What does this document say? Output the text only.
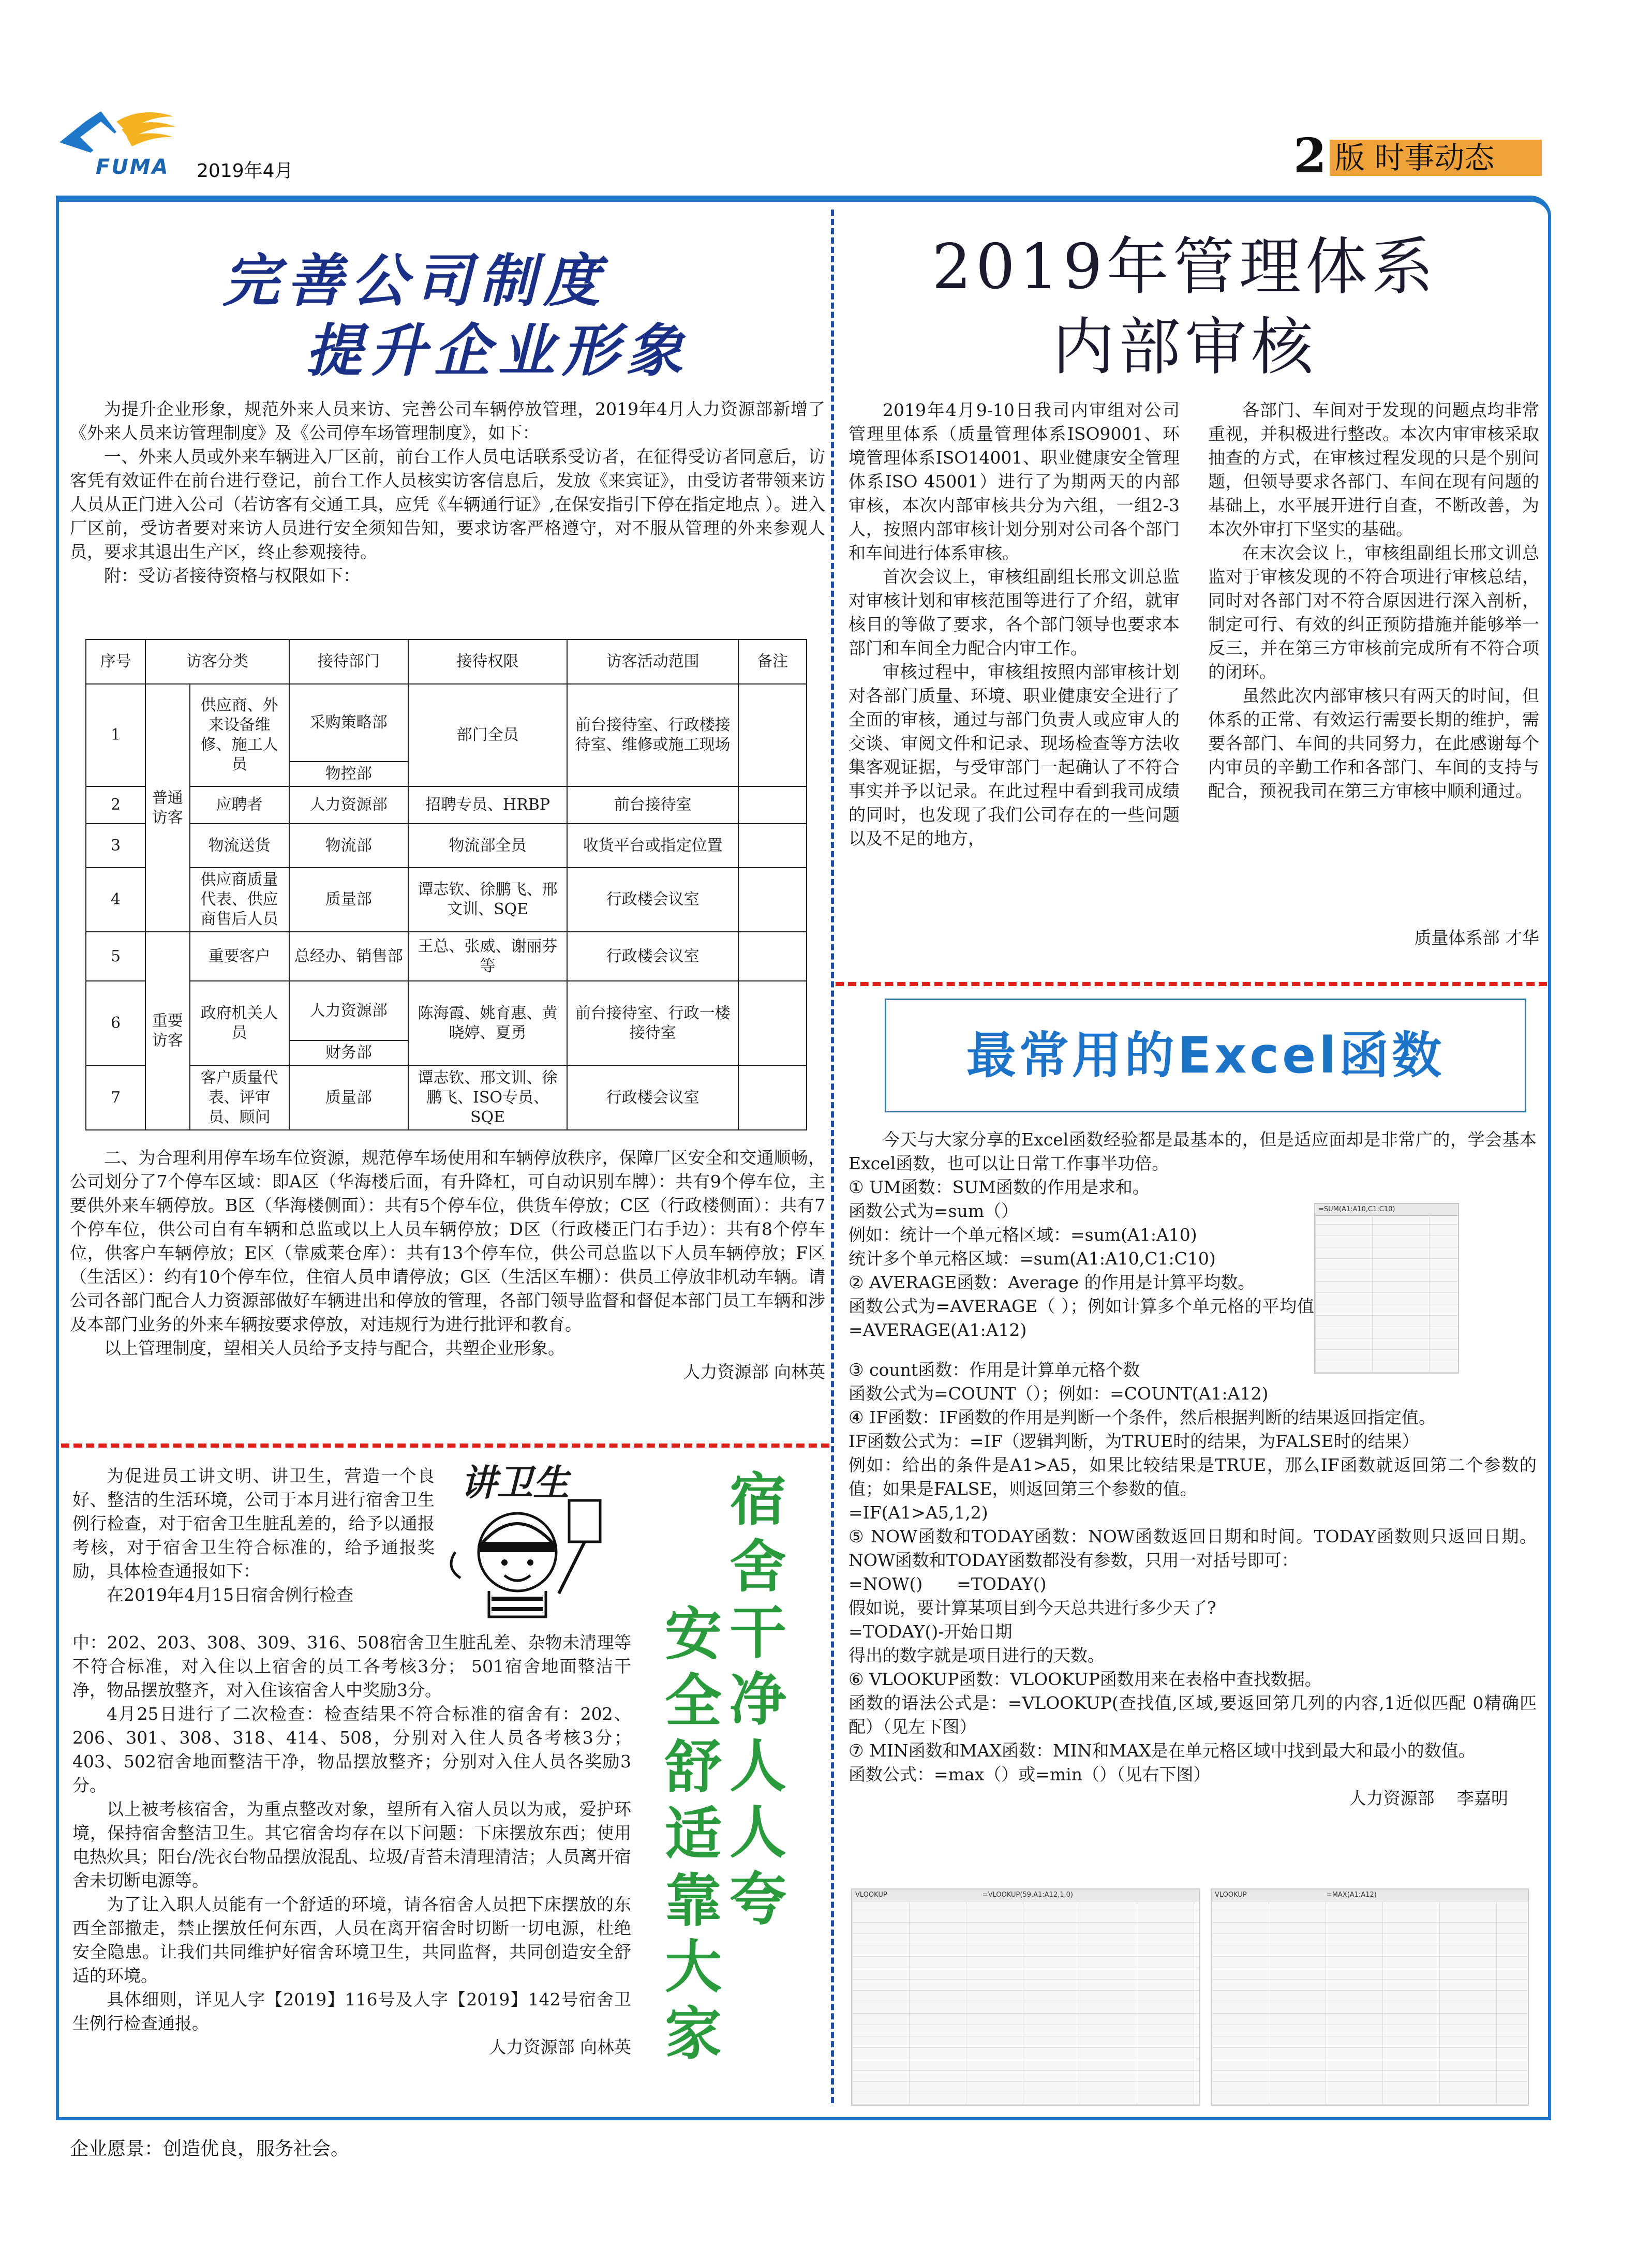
FUMA 2019年4月	2 版 时事动态
完善公司制度
提升企业形象

为提升企业形象，规范外来人员来访、完善公司车辆停放管理，2019年4月人力资源部新增了《外来人员来访管理制度》及《公司停车场管理制度》，如下：

一、外来人员或外来车辆进入厂区前，前台工作人员电话联系受访者，在征得受访者同意后，访客凭有效证件在前台进行登记，前台工作人员核实访客信息后，发放《来宾证》，由受访者带领来访人员从正门进入公司（若访客有交通工具，应凭《车辆通行证》,在保安指引下停在指定地点 ）。进入厂区前，受访者要对来访人员进行安全须知告知，要求访客严格遵守，对不服从管理的外来参观人员，要求其退出生产区，终止参观接待。

附：受访者接待资格与权限如下：

序号	访客分类		接待部门	接待权限	访客活动范围	备注
1	普通访客	供应商、外来设备维修、施工人员	采购策略部	部门全员	前台接待室、行政楼接待室、维修或施工现场	
			物控部			
2		应聘者	人力资源部	招聘专员、HRBP	前台接待室	
3		物流送货	物流部	物流部全员	收货平台或指定位置	
4		供应商质量代表、供应商售后人员	质量部	谭志钦、徐鹏飞、邢文训、SQE	行政楼会议室	
5	重要访客	重要客户	总经办、销售部	王总、张威、谢丽芬等	行政楼会议室	
6		政府机关人员	人力资源部	陈海霞、姚育惠、黄晓婷、夏勇	前台接待室、行政一楼接待室	
			财务部			
7		客户质量代表、评审员、顾问	质量部	谭志钦、邢文训、徐鹏飞、ISO专员、SQE	行政楼会议室	

二、为合理利用停车场车位资源，规范停车场使用和车辆停放秩序，保障厂区安全和交通顺畅， 公司划分了7个停车区域：即A区（华海楼后面，有升降杠，可自动识别车牌）：共有9个停车位，主要供外来车辆停放。B区（华海楼侧面）：共有5个停车位，供货车停放；C区（行政楼侧面）：共有7个停车位，供公司自有车辆和总监或以上人员车辆停放；D区（行政楼正门右手边）：共有8个停车位，供客户车辆停放；E区（靠威莱仓库）：共有13个停车位，供公司总监以下人员车辆停放；F区（生活区）：约有10个停车位，住宿人员申请停放；G区（生活区车棚）：供员工停放非机动车辆。请公司各部门配合人力资源部做好车辆进出和停放的管理，各部门领导监督和督促本部门员工车辆和涉及本部门业务的外来车辆按要求停放，对违规行为进行批评和教育。

以上管理制度，望相关人员给予支持与配合，共塑企业形象。

人力资源部 向林英
2019年管理体系
内部审核

2019年4月9-10日我司内审组对公司管理里体系（质量管理体系ISO9001、环境管理体系ISO14001、职业健康安全管理体系ISO 45001）进行了为期两天的内部审核，本次内部审核共分为六组，一组2-3人，按照内部审核计划分别对公司各个部门和车间进行体系审核。

首次会议上，审核组副组长邢文训总监对审核计划和审核范围等进行了介绍，就审核目的等做了要求，各个部门领导也要求本部门和车间全力配合内审工作。

审核过程中，审核组按照内部审核计划对各部门质量、环境、职业健康安全进行了全面的审核，通过与部门负责人或应审人的交谈、审阅文件和记录、现场检查等方法收集客观证据，与受审部门一起确认了不符合事实并予以记录。在此过程中看到我司成绩的同时，也发现了我们公司存在的一些问题以及不足的地方，

各部门、车间对于发现的问题点均非常重视，并积极进行整改。本次内审审核采取抽查的方式，在审核过程发现的只是个别问题，但领导要求各部门、车间在现有问题的基础上，水平展开进行自查，不断改善，为本次外审打下坚实的基础。

在末次会议上，审核组副组长邢文训总监对于审核发现的不符合项进行审核总结，同时对各部门对不符合原因进行深入剖析，制定可行、有效的纠正预防措施并能够举一反三，并在第三方审核前完成所有不符合项的闭环。

虽然此次内部审核只有两天的时间，但体系的正常、有效运行需要长期的维护，需要各部门、车间的共同努力，在此感谢每个内审员的辛勤工作和各部门、车间的支持与配合，预祝我司在第三方审核中顺利通过。

质量体系部 才华
讲卫生	宿舍干净人人夸
安全舒适靠大家

为促进员工讲文明、讲卫生，营造一个良好、整洁的生活环境，公司于本月进行宿舍卫生例行检查，对于宿舍卫生脏乱差的，给予以通报考核，对于宿舍卫生符合标准的，给予通报奖励，具体检查通报如下：

在2019年4月15日宿舍例行检查

中：202、203、308、309、316、508宿舍卫生脏乱差、杂物未清理等不符合标准，对入住以上宿舍的员工各考核3分； 501宿舍地面整洁干净，物品摆放整齐，对入住该宿舍人中奖励3分。

4月25日进行了二次检查：检查结果不符合标准的宿舍有：202、206、301、308、318、414、508，分别对入住人员各考核3分；403、502宿舍地面整洁干净，物品摆放整齐；分别对入住人员各奖励3分。

以上被考核宿舍，为重点整改对象，望所有入宿人员以为戒，爱护环境，保持宿舍整洁卫生。其它宿舍均存在以下问题：下床摆放东西；使用电热炊具；阳台/洗衣台物品摆放混乱、垃圾/青苔未清理清洁；人员离开宿舍未切断电源等。

为了让入职人员能有一个舒适的环境，请各宿舍人员把下床摆放的东西全部撤走，禁止摆放任何东西，人员在离开宿舍时切断一切电源，杜绝安全隐患。让我们共同维护好宿舍环境卫生，共同监督，共同创造安全舒适的环境。

具体细则，详见人字【2019】116号及人字【2019】142号宿舍卫生例行检查通报。

人力资源部 向林英
最常用的Excel函数

今天与大家分享的Excel函数经验都是最基本的，但是适应面却是非常广的，学会基本Excel函数，也可以让日常工作事半功倍。

① UM函数：SUM函数的作用是求和。

函数公式为=sum（）

例如：统计一个单元格区域：=sum(A1:A10)

统计多个单元格区域：=sum(A1:A10,C1:C10)

② AVERAGE函数：Average 的作用是计算平均数。

函数公式为=AVERAGE（ ）；例如计算多个单元格的平均值=AVERAGE(A1:A12)

③ count函数：作用是计算单元格个数

函数公式为=COUNT（）；例如：=COUNT(A1:A12)

④ IF函数：IF函数的作用是判断一个条件，然后根据判断的结果返回指定值。

IF函数公式为：=IF（逻辑判断，为TRUE时的结果，为FALSE时的结果）

例如：给出的条件是A1>A5，如果比较结果是TRUE，那么IF函数就返回第二个参数的值；如果是FALSE，则返回第三个参数的值。

=IF(A1>A5,1,2)

⑤ NOW函数和TODAY函数：NOW函数返回日期和时间。TODAY函数则只返回日期。NOW函数和TODAY函数都没有参数，只用一对括号即可：

=NOW()　　=TODAY()

假如说，要计算某项目到今天总共进行多少天了?

=TODAY()-开始日期

得出的数字就是项目进行的天数。

⑥ VLOOKUP函数：VLOOKUP函数用来在表格中查找数据。

函数的语法公式是：=VLOOKUP(查找值,区域,要返回第几列的内容,1近似匹配 0精确匹配）（见左下图）

⑦ MIN函数和MAX函数：MIN和MAX是在单元格区域中找到最大和最小的数值。

函数公式：=max（）或=min（）（见右下图）

人力资源部　 李嘉明
=SUM(A1:A10,C1:C10)
VLOOKUP	=VLOOKUP(59,A1:A12,1,0)	VLOOKUP	=MAX(A1:A12)
企业愿景：创造优良，服务社会。
